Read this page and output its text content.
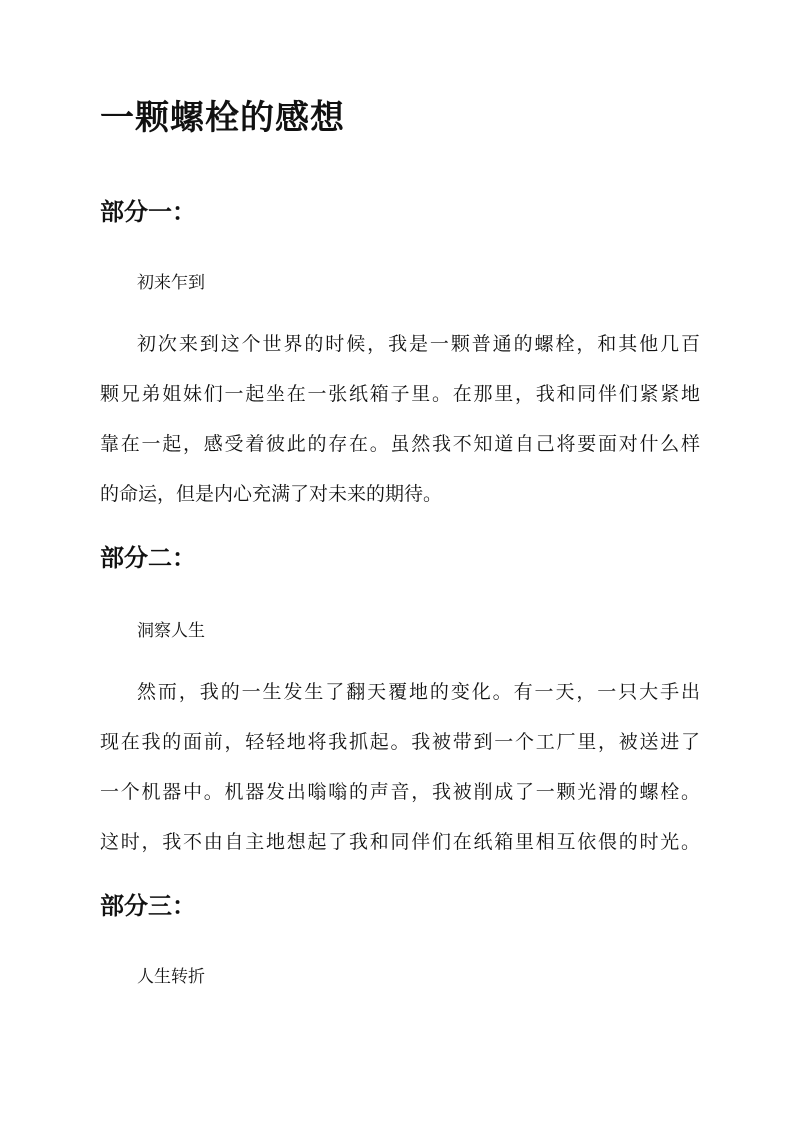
一颗螺栓的感想
部分一：
初来乍到
初次来到这个世界的时候，我是一颗普通的螺栓，和其他几百
颗兄弟姐妹们一起坐在一张纸箱子里。在那里，我和同伴们紧紧地
靠在一起，感受着彼此的存在。虽然我不知道自己将要面对什么样
的命运，但是内心充满了对未来的期待。
部分二：
洞察人生
然而，我的一生发生了翻天覆地的变化。有一天，一只大手出
现在我的面前，轻轻地将我抓起。我被带到一个工厂里，被送进了
一个机器中。机器发出嗡嗡的声音，我被削成了一颗光滑的螺栓。
这时，我不由自主地想起了我和同伴们在纸箱里相互依偎的时光。
部分三：
人生转折
